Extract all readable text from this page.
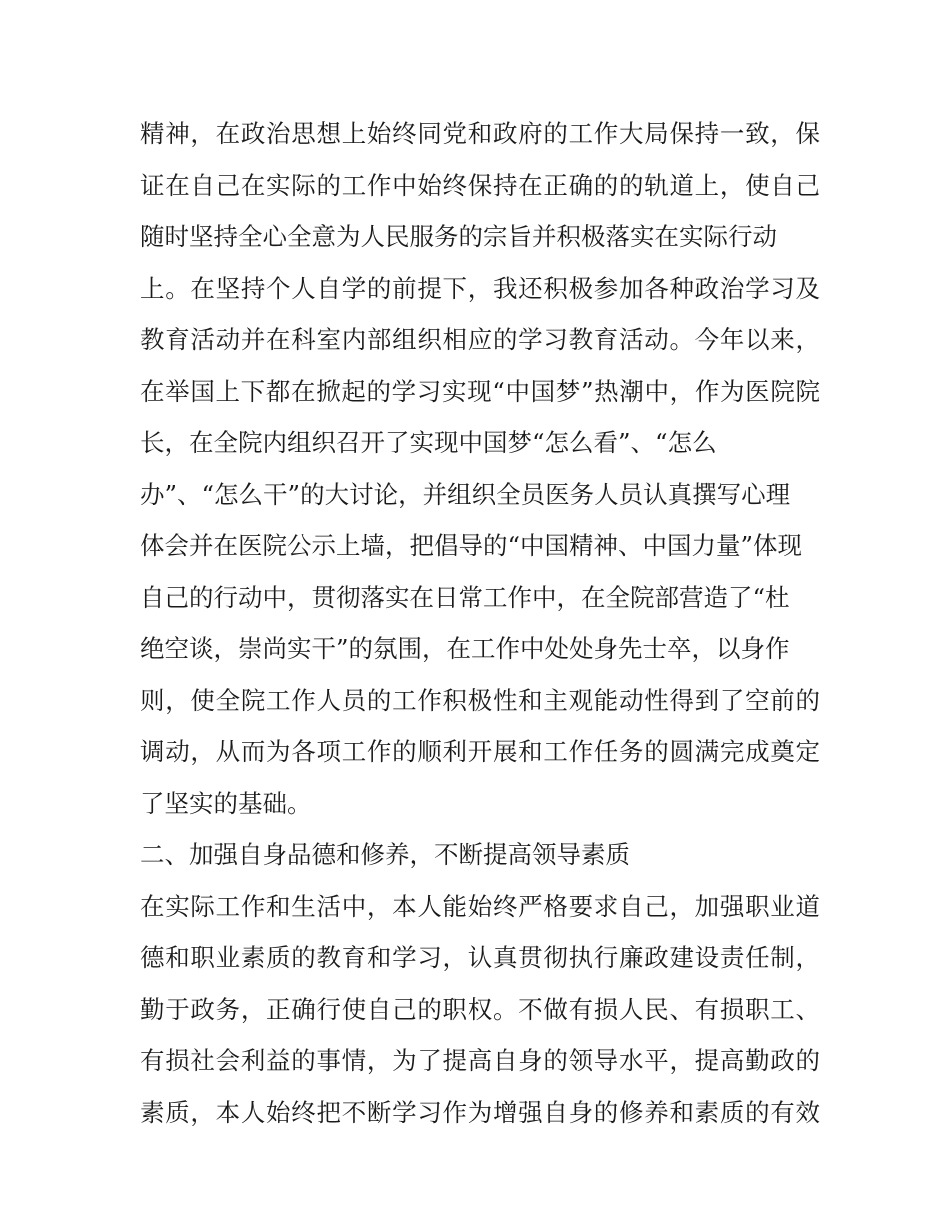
精神，在政治思想上始终同党和政府的工作大局保持一致，保
证在自己在实际的工作中始终保持在正确的的轨道上，使自己
随时坚持全心全意为人民服务的宗旨并积极落实在实际行动
上。在坚持个人自学的前提下，我还积极参加各种政治学习及
教育活动并在科室内部组织相应的学习教育活动。今年以来，
在举国上下都在掀起的学习实现“中国梦”热潮中，作为医院院
长，在全院内组织召开了实现中国梦“怎么看”、“怎么
办”、“怎么干”的大讨论，并组织全员医务人员认真撰写心理
体会并在医院公示上墙，把倡导的“中国精神、中国力量”体现
自己的行动中，贯彻落实在日常工作中，在全院部营造了“杜
绝空谈，崇尚实干”的氛围，在工作中处处身先士卒，以身作
则，使全院工作人员的工作积极性和主观能动性得到了空前的
调动，从而为各项工作的顺利开展和工作任务的圆满完成奠定
了坚实的基础。
二、加强自身品德和修养，不断提高领导素质
在实际工作和生活中，本人能始终严格要求自己，加强职业道
德和职业素质的教育和学习，认真贯彻执行廉政建设责任制，
勤于政务，正确行使自己的职权。不做有损人民、有损职工、
有损社会利益的事情，为了提高自身的领导水平，提高勤政的
素质，本人始终把不断学习作为增强自身的修养和素质的有效
